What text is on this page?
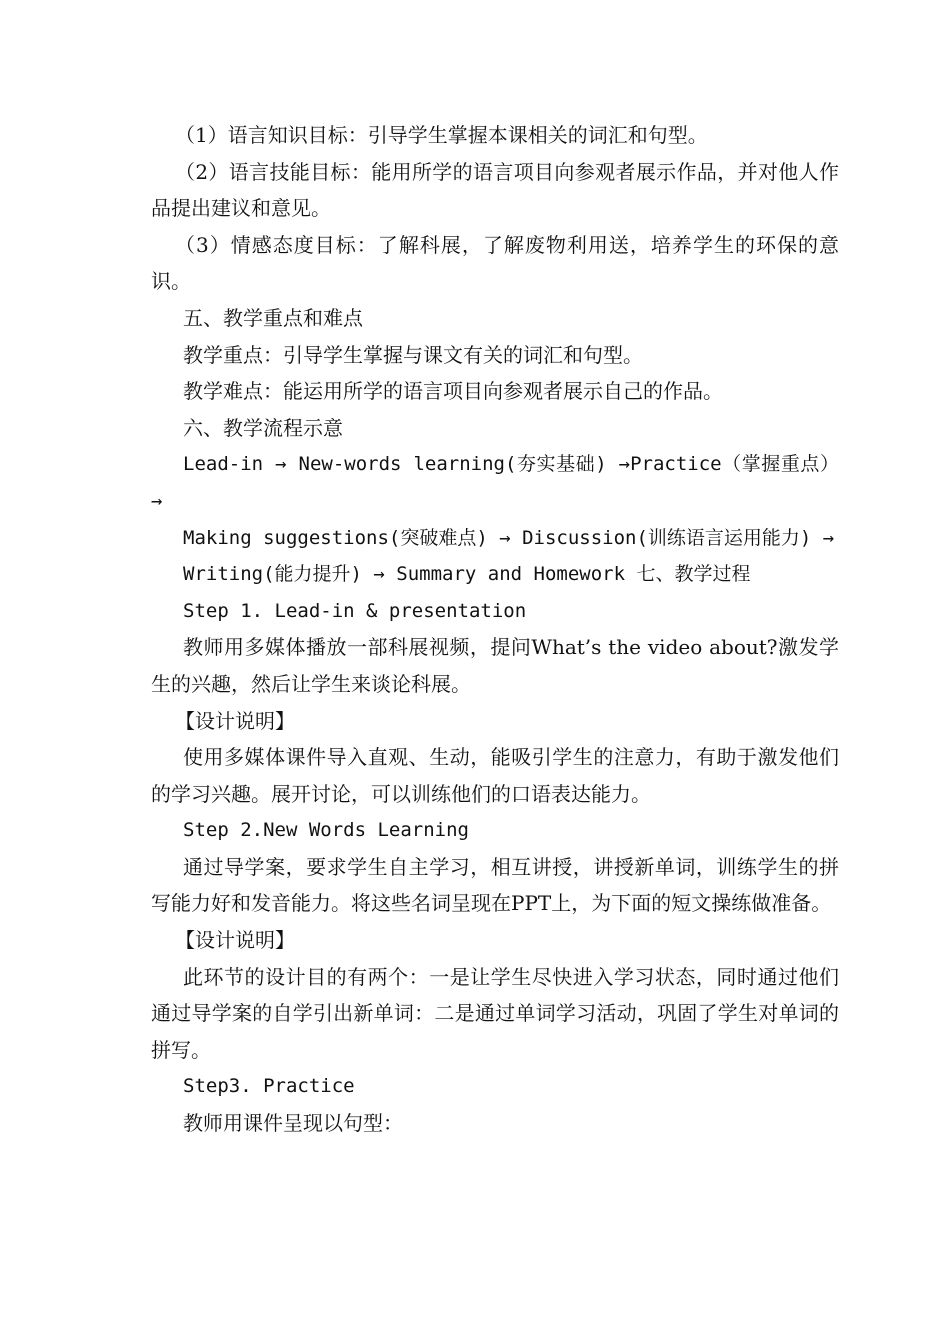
（1）语言知识目标：引导学生掌握本课相关的词汇和句型。

（2）语言技能目标：能用所学的语言项目向参观者展示作品，并对他人作品提出建议和意见。

（3）情感态度目标：了解科展，了解废物利用送，培养学生的环保的意识。

五、教学重点和难点

教学重点：引导学生掌握与课文有关的词汇和句型。

教学难点：能运用所学的语言项目向参观者展示自己的作品。

六、教学流程示意

Lead-in → New-words learning(夯实基础) →Practice（掌握重点）→

Making suggestions(突破难点) → Discussion(训练语言运用能力) →

Writing(能力提升) → Summary and Homework 七、教学过程

Step 1. Lead-in & presentation

教师用多媒体播放一部科展视频，提问What’s the video about?激发学生的兴趣，然后让学生来谈论科展。

【设计说明】

使用多媒体课件导入直观、生动，能吸引学生的注意力，有助于激发他们的学习兴趣。展开讨论，可以训练他们的口语表达能力。

Step 2.New Words Learning

通过导学案，要求学生自主学习，相互讲授，讲授新单词，训练学生的拼写能力好和发音能力。将这些名词呈现在PPT上，为下面的短文操练做准备。

【设计说明】

此环节的设计目的有两个：一是让学生尽快进入学习状态，同时通过他们通过导学案的自学引出新单词：二是通过单词学习活动，巩固了学生对单词的拼写。

Step3. Practice

教师用课件呈现以句型：
